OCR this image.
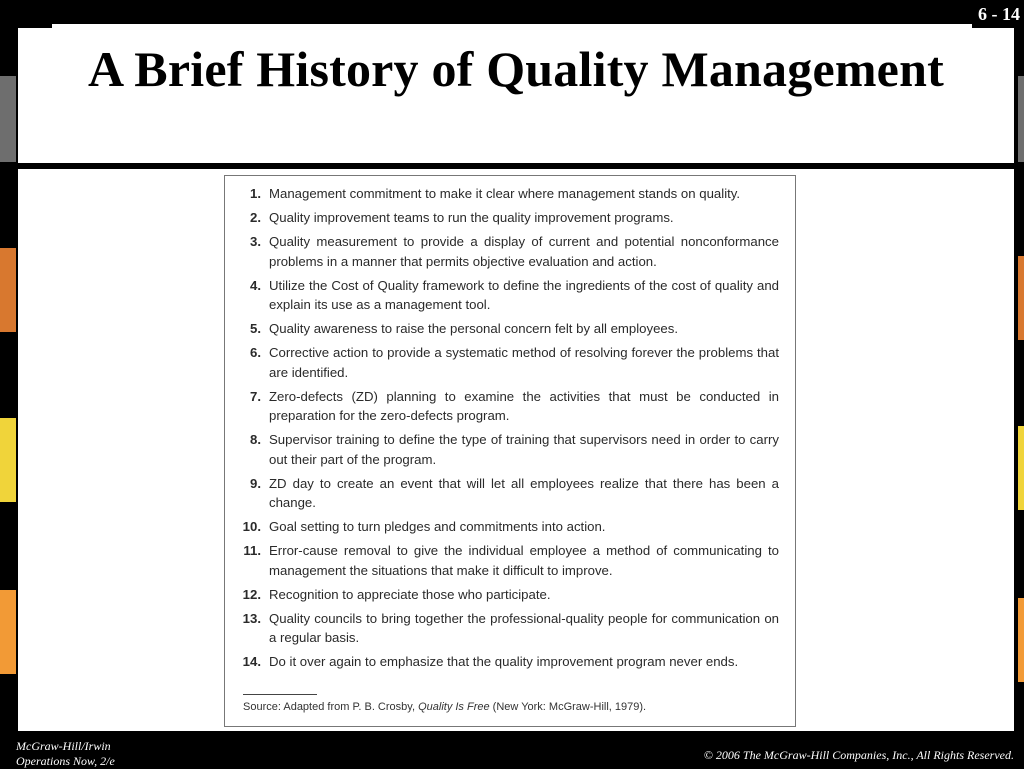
6 - 14
A Brief History of Quality Management
1. Management commitment to make it clear where management stands on quality.
2. Quality improvement teams to run the quality improvement programs.
3. Quality measurement to provide a display of current and potential nonconformance problems in a manner that permits objective evaluation and action.
4. Utilize the Cost of Quality framework to define the ingredients of the cost of quality and explain its use as a management tool.
5. Quality awareness to raise the personal concern felt by all employees.
6. Corrective action to provide a systematic method of resolving forever the problems that are identified.
7. Zero-defects (ZD) planning to examine the activities that must be conducted in preparation for the zero-defects program.
8. Supervisor training to define the type of training that supervisors need in order to carry out their part of the program.
9. ZD day to create an event that will let all employees realize that there has been a change.
10. Goal setting to turn pledges and commitments into action.
11. Error-cause removal to give the individual employee a method of communicating to management the situations that make it difficult to improve.
12. Recognition to appreciate those who participate.
13. Quality councils to bring together the professional-quality people for communication on a regular basis.
14. Do it over again to emphasize that the quality improvement program never ends.
Source: Adapted from P. B. Crosby, Quality Is Free (New York: McGraw-Hill, 1979).
McGraw-Hill/Irwin
Operations Now, 2/e	© 2006 The McGraw-Hill Companies, Inc., All Rights Reserved.
